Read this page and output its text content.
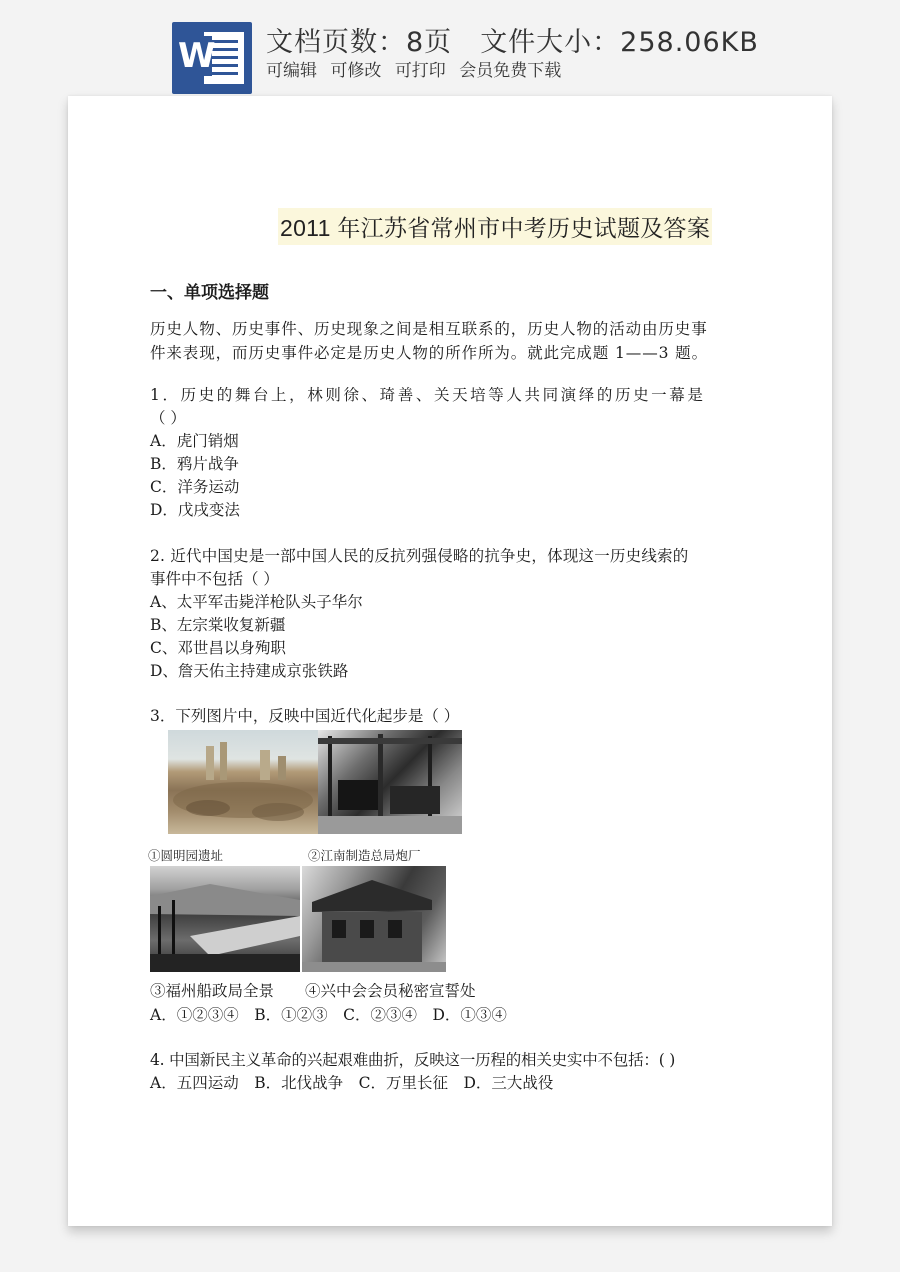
W 文档页数：8页 文件大小：258.06KB
可编辑 可修改 可打印 会员免费下载
2011 年江苏省常州市中考历史试题及答案
一、单项选择题
历史人物、历史事件、历史现象之间是相互联系的，历史人物的活动由历史事
件来表现，而历史事件必定是历史人物的所作所为。就此完成题 1——3 题。
1．历史的舞台上，林则徐、琦善、关天培等人共同演绎的历史一幕是
（ ）
A．虎门销烟
B．鸦片战争
C．洋务运动
D．戊戌变法
2. 近代中国史是一部中国人民的反抗列强侵略的抗争史，体现这一历史线索的
事件中不包括（ ）
A、太平军击毙洋枪队头子华尔
B、左宗棠收复新疆
C、邓世昌以身殉职
D、詹天佑主持建成京张铁路
3．下列图片中，反映中国近代化起步是（ ）
①圆明园遗址	②江南制造总局炮厂
③福州船政局全景　　④兴中会会员秘密宣誓处
A．①②③④　B．①②③　C．②③④　D．①③④
4. 中国新民主义革命的兴起艰难曲折，反映这一历程的相关史实中不包括：( )
A．五四运动　B．北伐战争　C．万里长征　D．三大战役
